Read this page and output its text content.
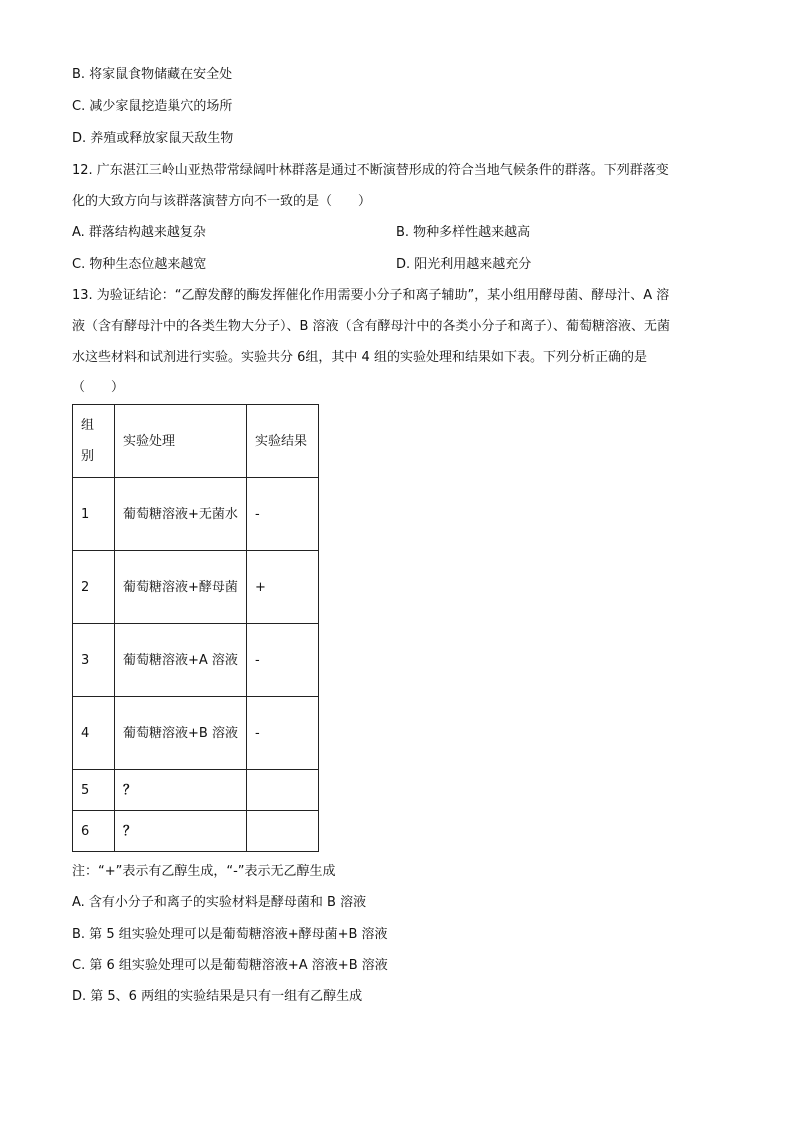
B. 将家鼠食物储藏在安全处
C. 减少家鼠挖造巢穴的场所
D. 养殖或释放家鼠天敌生物
12. 广东湛江三岭山亚热带常绿阔叶林群落是通过不断演替形成的符合当地气候条件的群落。下列群落变
化的大致方向与该群落演替方向不一致的是（　　）
A. 群落结构越来越复杂	B. 物种多样性越来越高
C. 物种生态位越来越宽	D. 阳光利用越来越充分
13. 为验证结论：“乙醇发酵的酶发挥催化作用需要小分子和离子辅助”，某小组用酵母菌、酵母汁、A 溶
液（含有酵母汁中的各类生物大分子）、B 溶液（含有酵母汁中的各类小分子和离子）、葡萄糖溶液、无菌
水这些材料和试剂进行实验。实验共分 6组，其中 4 组的实验处理和结果如下表。下列分析正确的是
（　　）
组别	实验处理	实验结果
1	葡萄糖溶液+无菌水	-
2	葡萄糖溶液+酵母菌	+
3	葡萄糖溶液+A 溶液	-
4	葡萄糖溶液+B 溶液	-
5	？	
6	？	
注：“+”表示有乙醇生成，“-”表示无乙醇生成
A. 含有小分子和离子的实验材料是酵母菌和 B 溶液
B. 第 5 组实验处理可以是葡萄糖溶液+酵母菌+B 溶液
C. 第 6 组实验处理可以是葡萄糖溶液+A 溶液+B 溶液
D. 第 5、6 两组的实验结果是只有一组有乙醇生成
